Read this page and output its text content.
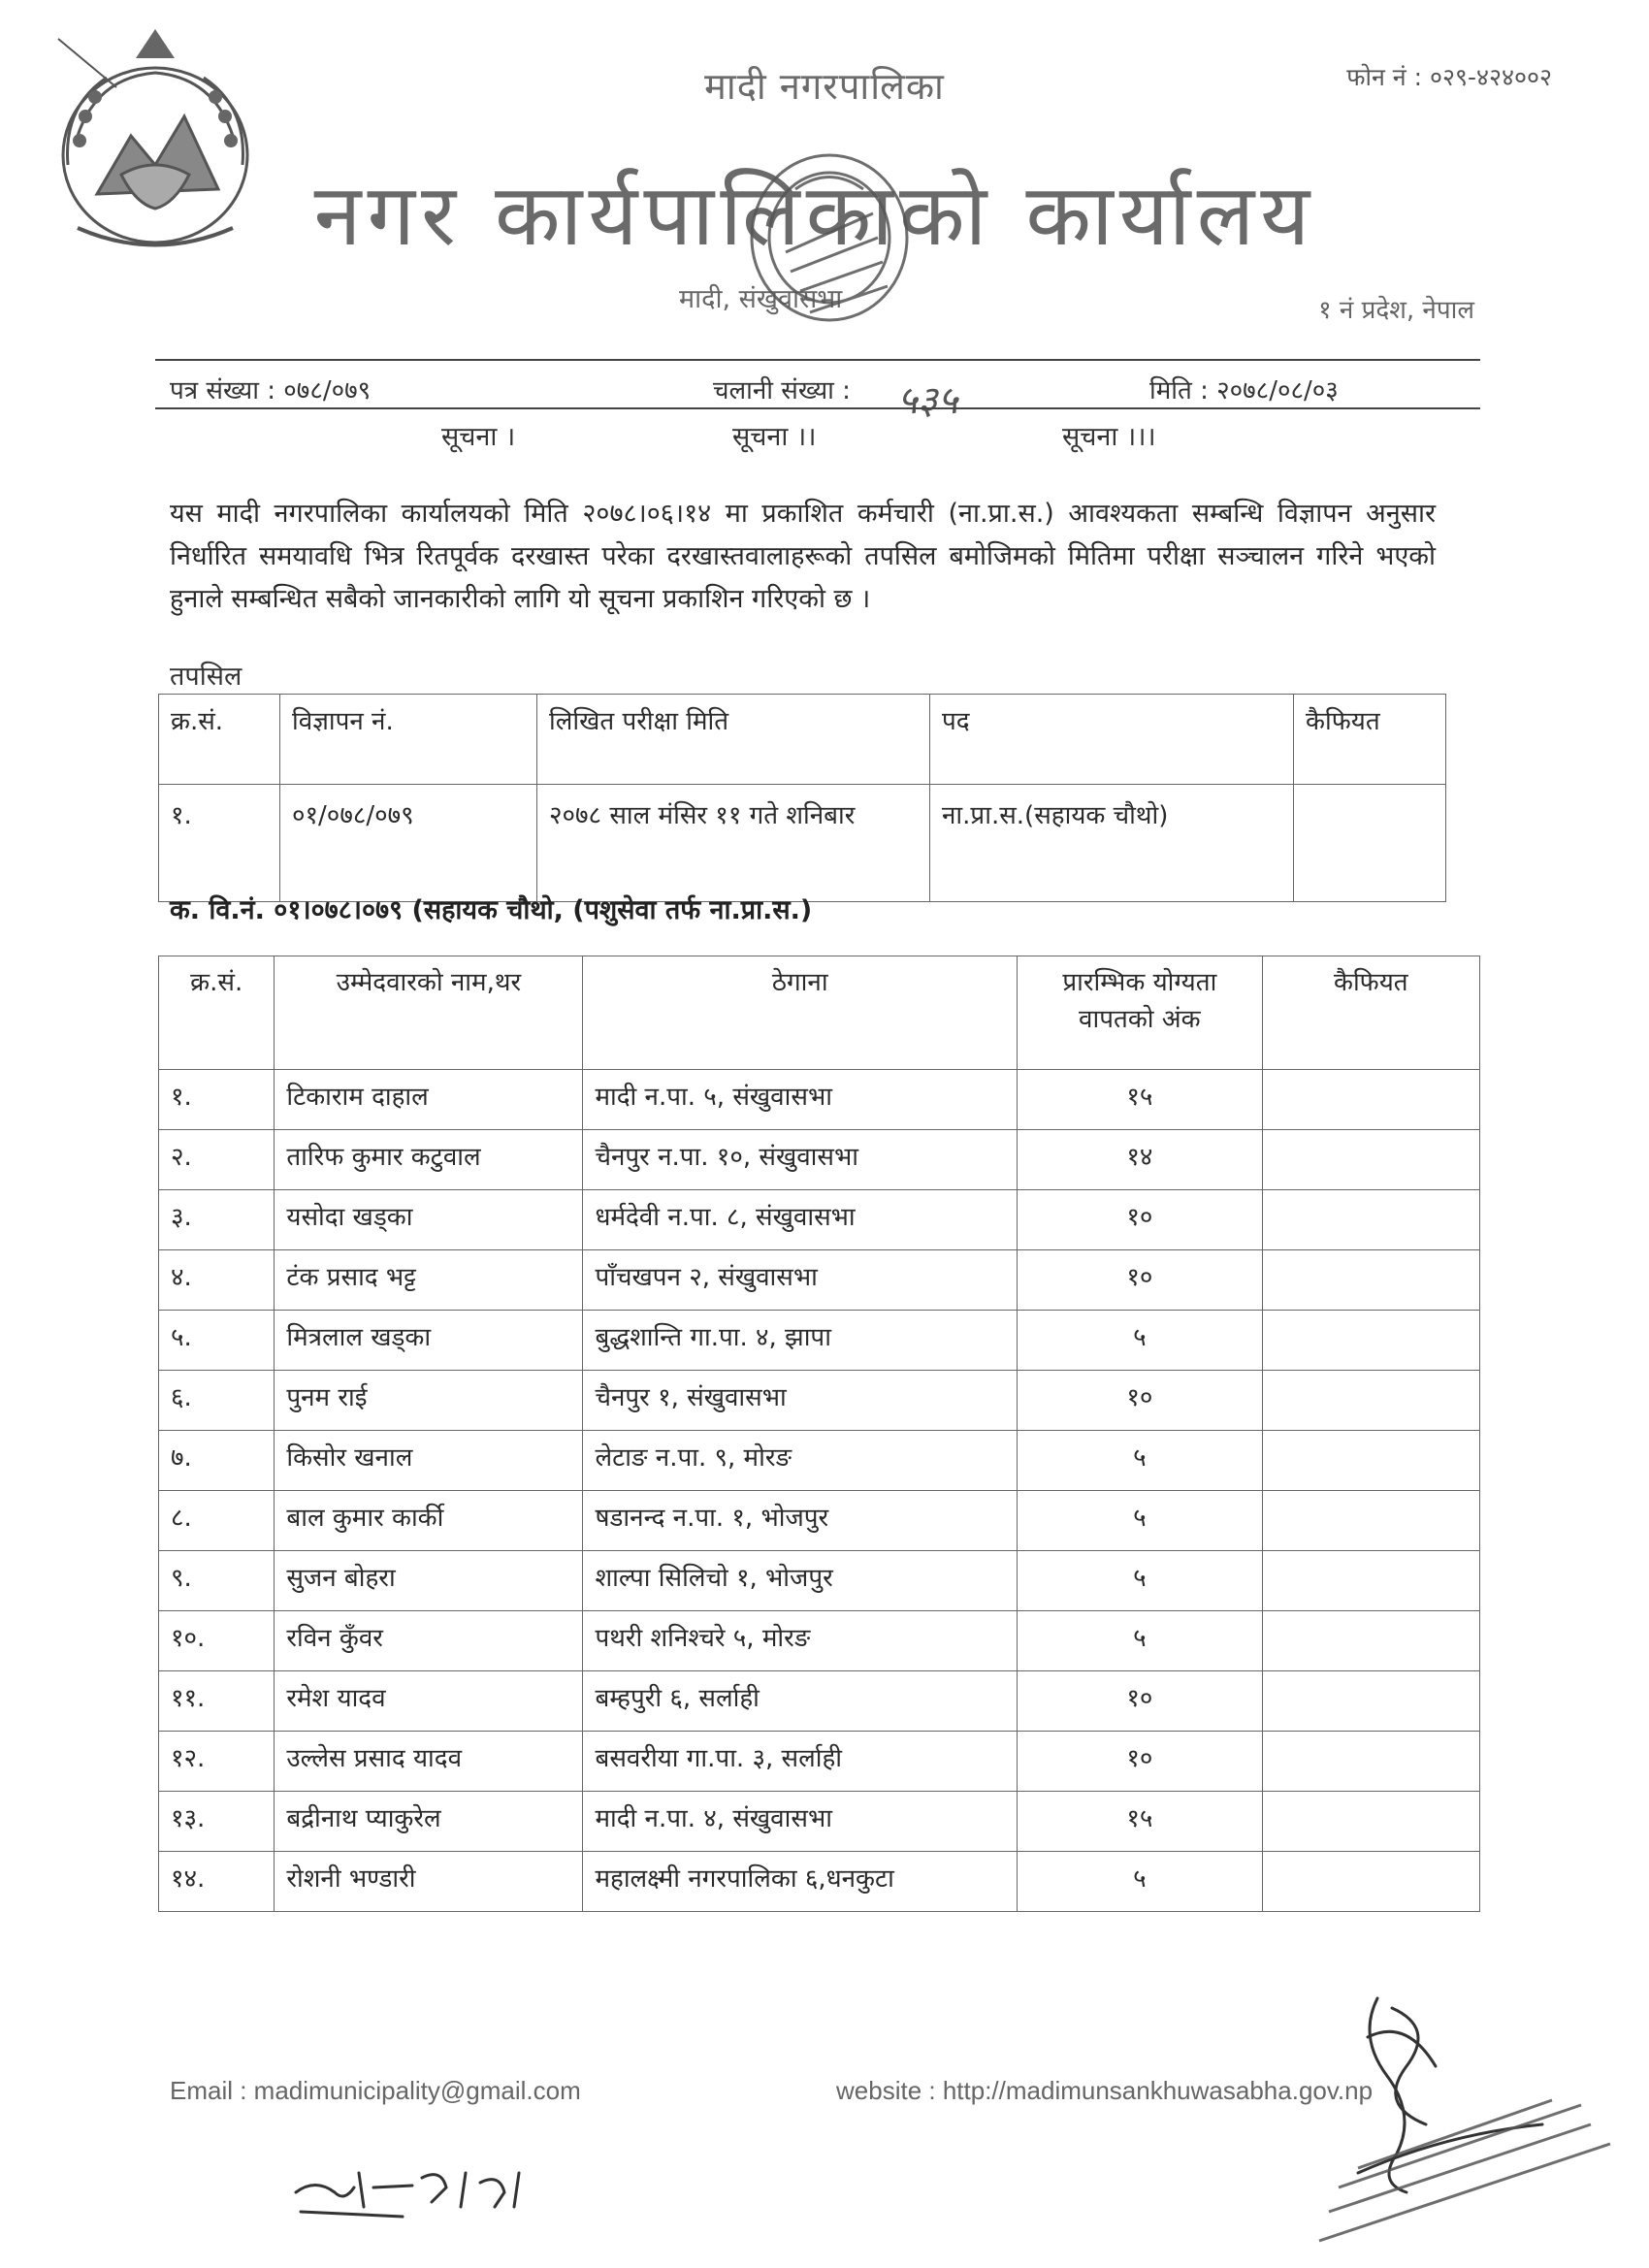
मादी नगरपालिका	फोन नं : ०२९-४२४००२
नगर कार्यपालिकाको कार्यालय
मादी, संखुवासभा	१ नं प्रदेश, नेपाल
पत्र संख्या : ०७८/०७९	चलानी संख्या : ५३५	मिति : २०७८/०८/०३
सूचना ।	सूचना ।।	सूचना ।।।
यस मादी नगरपालिका कार्यालयको मिति २०७८।०६।१४ मा प्रकाशित कर्मचारी (ना.प्रा.स.) आवश्यकता सम्बन्धि विज्ञापन अनुसार निर्धारित समयावधि भित्र रितपूर्वक दरखास्त परेका दरखास्तवालाहरूको तपसिल बमोजिमको मितिमा परीक्षा सञ्चालन गरिने भएको हुनाले सम्बन्धित सबैको जानकारीको लागि यो सूचना प्रकाशिन गरिएको छ ।
तपसिल
क्र.सं.	विज्ञापन नं.	लिखित परीक्षा मिति	पद	कैफियत
१.	०१/०७८/०७९	२०७८ साल मंसिर ११ गते शनिबार	ना.प्रा.स.(सहायक चौथो)	
क. वि.नं. ०१।०७८।०७९ (सहायक चौथो, (पशुसेवा तर्फ ना.प्रा.स.)
क्र.सं.	उम्मेदवारको नाम,थर	ठेगाना	प्रारम्भिक योग्यता वापतको अंक	कैफियत
१.	टिकाराम दाहाल	मादी न.पा. ५, संखुवासभा	१५	
२.	तारिफ कुमार कटुवाल	चैनपुर न.पा. १०, संखुवासभा	१४	
३.	यसोदा खड्का	धर्मदेवी न.पा. ८, संखुवासभा	१०	
४.	टंक प्रसाद भट्ट	पाँचखपन २, संखुवासभा	१०	
५.	मित्रलाल खड्का	बुद्धशान्ति गा.पा. ४, झापा	५	
६.	पुनम राई	चैनपुर १, संखुवासभा	१०	
७.	किसोर खनाल	लेटाङ न.पा. ९, मोरङ	५	
८.	बाल कुमार कार्की	षडानन्द न.पा. १, भोजपुर	५	
९.	सुजन बोहरा	शाल्पा सिलिचो १, भोजपुर	५	
१०.	रविन कुँवर	पथरी शनिश्चरे ५, मोरङ	५	
११.	रमेश यादव	बम्हपुरी ६, सर्लाही	१०	
१२.	उल्लेस प्रसाद यादव	बसवरीया गा.पा. ३, सर्लाही	१०	
१३.	बद्रीनाथ प्याकुरेल	मादी न.पा. ४, संखुवासभा	१५	
१४.	रोशनी भण्डारी	महालक्ष्मी नगरपालिका ६,धनकुटा	५	
Email : madimunicipality@gmail.com	website : http://madimunsankhuwasabha.gov.np
